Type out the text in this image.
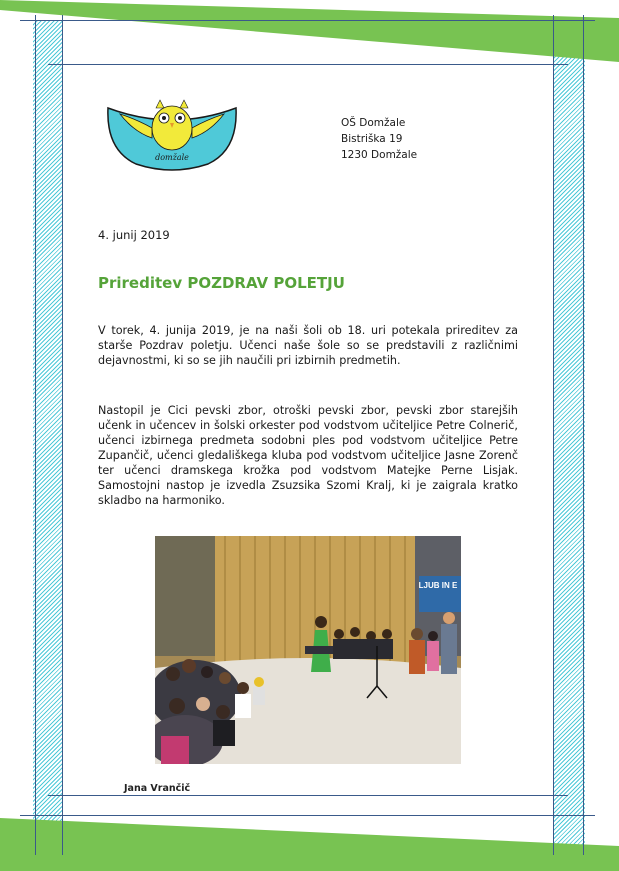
domžale
OŠ Domžale
Bistriška 19
1230 Domžale
4. junij 2019
Prireditev POZDRAV POLETJU

V torek, 4. junija 2019, je na naši šoli ob 18. uri potekala prireditev za starše Pozdrav poletju. Učenci naše šole so se predstavili z različnimi dejavnostmi, ki so se jih naučili pri izbirnih predmetih.

Nastopil je Cici pevski zbor, otroški pevski zbor, pevski zbor starejših učenk in učencev in šolski orkester pod vodstvom učiteljice Petre Colnerič, učenci izbirnega predmeta sodobni ples pod vodstvom učiteljice Petre Zupančič, učenci gledališkega kluba pod vodstvom učiteljice Jasne Zorenč ter učenci dramskega krožka pod vodstvom Matejke Perne Lisjak. Samostojni nastop je izvedla Zsuzsika Szomi Kralj, ki je zaigrala kratko skladbo na harmoniko.

LJUB IN E
Jana Vrančič
